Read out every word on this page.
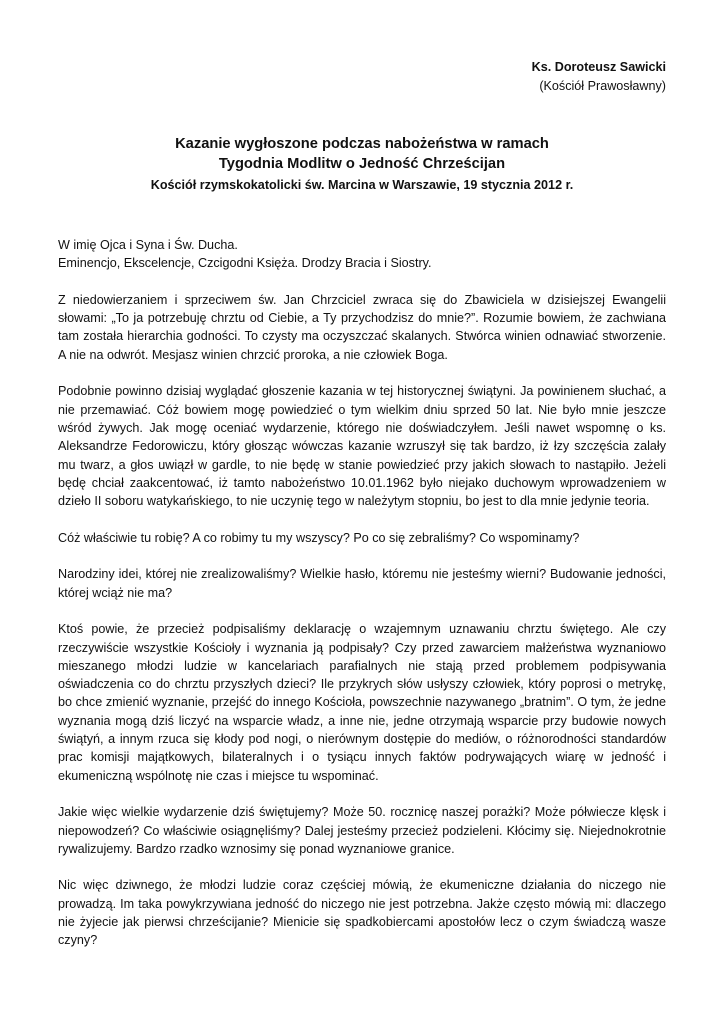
Ks. Doroteusz Sawicki
(Kościół Prawosławny)
Kazanie wygłoszone podczas nabożeństwa w ramach
Tygodnia Modlitw o Jedność Chrześcijan
Kościół rzymskokatolicki św. Marcina w Warszawie, 19 stycznia 2012 r.

W imię Ojca i Syna i Św. Ducha.
Eminencjo, Ekscelencje, Czcigodni Księża. Drodzy Bracia i Siostry.

Z niedowierzaniem i sprzeciwem św. Jan Chrzciciel zwraca się do Zbawiciela w dzisiejszej Ewangelii słowami: „To ja potrzebuję chrztu od Ciebie, a Ty przychodzisz do mnie?”. Rozumie bowiem, że zachwiana tam została hierarchia godności. To czysty ma oczyszczać skalanych. Stwórca winien odnawiać stworzenie. A nie na odwrót. Mesjasz winien chrzcić proroka, a nie człowiek Boga.

Podobnie powinno dzisiaj wyglądać głoszenie kazania w tej historycznej świątyni. Ja powinienem słuchać, a nie przemawiać. Cóż bowiem mogę powiedzieć o tym wielkim dniu sprzed 50 lat. Nie było mnie jeszcze wśród żywych. Jak mogę oceniać wydarzenie, którego nie doświadczyłem. Jeśli nawet wspomnę o ks. Aleksandrze Fedorowiczu, który głosząc wówczas kazanie wzruszył się tak bardzo, iż łzy szczęścia zalały mu twarz, a głos uwiązł w gardle, to nie będę w stanie powiedzieć przy jakich słowach to nastąpiło. Jeżeli będę chciał zaakcentować, iż tamto nabożeństwo 10.01.1962 było niejako duchowym wprowadzeniem w dzieło II soboru watykańskiego, to nie uczynię tego w należytym stopniu, bo jest to dla mnie jedynie teoria.

Cóż właściwie tu robię? A co robimy tu my wszyscy? Po co się zebraliśmy? Co wspominamy?

Narodziny idei, której nie zrealizowaliśmy? Wielkie hasło, któremu nie jesteśmy wierni? Budowanie jedności, której wciąż nie ma?

Ktoś powie, że przecież podpisaliśmy deklarację o wzajemnym uznawaniu chrztu świętego. Ale czy rzeczywiście wszystkie Kościoły i wyznania ją podpisały? Czy przed zawarciem małżeństwa wyznaniowo mieszanego młodzi ludzie w kancelariach parafialnych nie stają przed problemem podpisywania oświadczenia co do chrztu przyszłych dzieci? Ile przykrych słów usłyszy człowiek, który poprosi o metrykę, bo chce zmienić wyznanie, przejść do innego Kościoła, powszechnie nazywanego „bratnim”. O tym, że jedne wyznania mogą dziś liczyć na wsparcie władz, a inne nie, jedne otrzymają wsparcie przy budowie nowych świątyń, a innym rzuca się kłody pod nogi, o nierównym dostępie do mediów, o różnorodności standardów prac komisji majątkowych, bilateralnych i o tysiącu innych faktów podrywających wiarę w jedność i ekumeniczną wspólnotę nie czas i miejsce tu wspominać.

Jakie więc wielkie wydarzenie dziś świętujemy? Może 50. rocznicę naszej porażki? Może półwiecze klęsk i niepowodzeń? Co właściwie osiągnęliśmy? Dalej jesteśmy przecież podzieleni. Kłócimy się. Niejednokrotnie rywalizujemy. Bardzo rzadko wznosimy się ponad wyznaniowe granice.

Nic więc dziwnego, że młodzi ludzie coraz częściej mówią, że ekumeniczne działania do niczego nie prowadzą. Im taka powykrzywiana jedność do niczego nie jest potrzebna. Jakże często mówią mi: dlaczego nie żyjecie jak pierwsi chrześcijanie? Mienicie się spadkobiercami apostołów lecz o czym świadczą wasze czyny?
